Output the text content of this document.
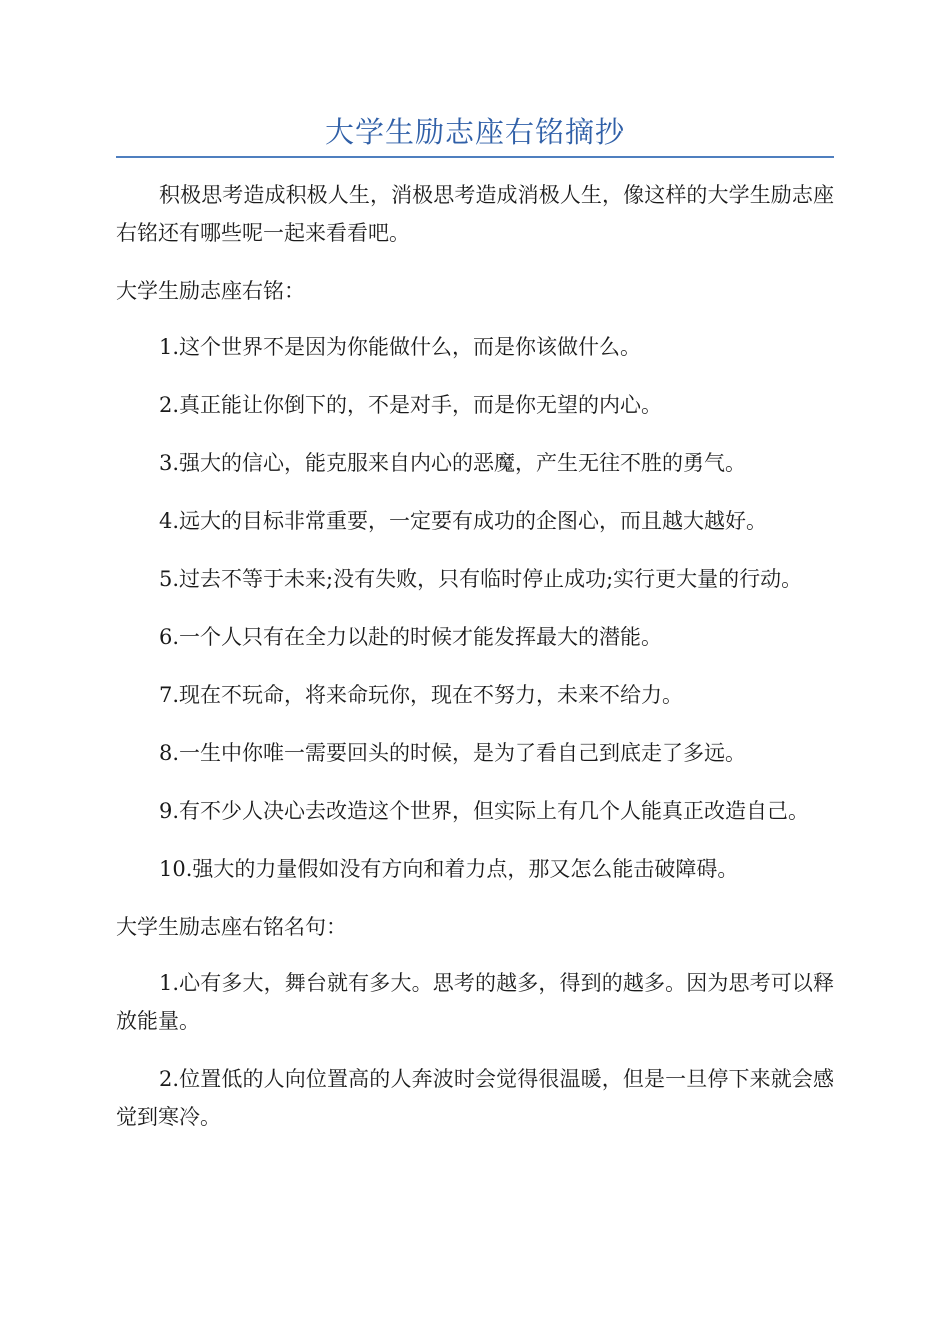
大学生励志座右铭摘抄

积极思考造成积极人生，消极思考造成消极人生，像这样的大学生励志座右铭还有哪些呢一起来看看吧。

大学生励志座右铭：

1.这个世界不是因为你能做什么，而是你该做什么。

2.真正能让你倒下的，不是对手，而是你无望的内心。

3.强大的信心，能克服来自内心的恶魔，产生无往不胜的勇气。

4.远大的目标非常重要，一定要有成功的企图心，而且越大越好。

5.过去不等于未来;没有失败，只有临时停止成功;实行更大量的行动。

6.一个人只有在全力以赴的时候才能发挥最大的潜能。

7.现在不玩命，将来命玩你，现在不努力，未来不给力。

8.一生中你唯一需要回头的时候，是为了看自己到底走了多远。

9.有不少人决心去改造这个世界，但实际上有几个人能真正改造自己。

10.强大的力量假如没有方向和着力点，那又怎么能击破障碍。

大学生励志座右铭名句：

1.心有多大，舞台就有多大。思考的越多，得到的越多。因为思考可以释放能量。

2.位置低的人向位置高的人奔波时会觉得很温暖，但是一旦停下来就会感觉到寒冷。
